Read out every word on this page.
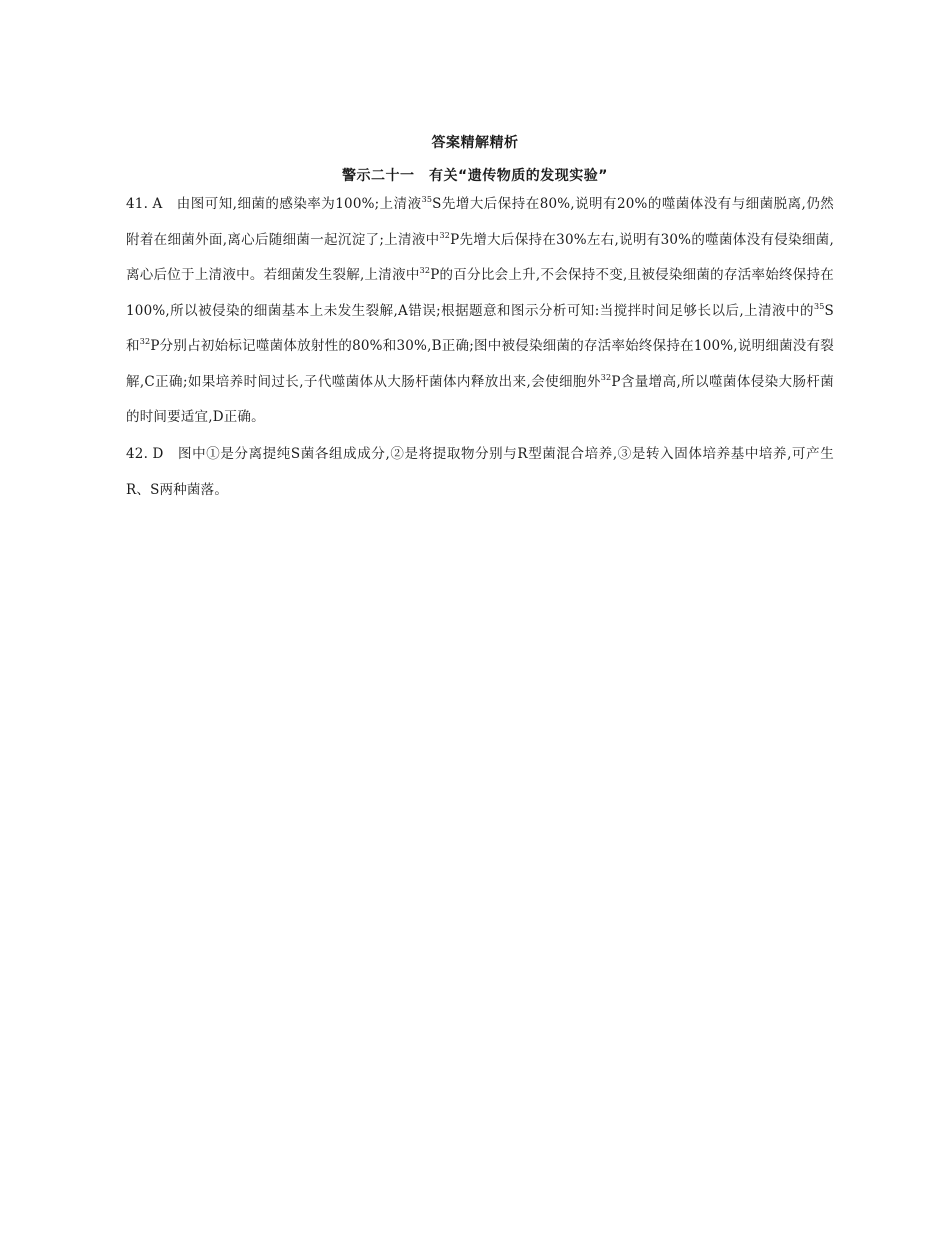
答案精解精析
警示二十一　有关“遗传物质的发现实验”
41. A 由图可知,细菌的感染率为100%;上清液$^{35}$S先增大后保持在80%,说明有20%的噬菌体没有与细菌脱离,仍然附着在细菌外面,离心后随细菌一起沉淀了;上清液中$^{32}$P先增大后保持在30%左右,说明有30%的噬菌体没有侵染细菌,离心后位于上清液中。若细菌发生裂解,上清液中$^{32}$P的百分比会上升,不会保持不变,且被侵染细菌的存活率始终保持在100%,所以被侵染的细菌基本上未发生裂解,A错误;根据题意和图示分析可知:当搅拌时间足够长以后,上清液中的$^{35}$S和$^{32}$P分别占初始标记噬菌体放射性的80%和30%,B正确;图中被侵染细菌的存活率始终保持在100%,说明细菌没有裂解,C正确;如果培养时间过长,子代噬菌体从大肠杆菌体内释放出来,会使细胞外$^{32}$P含量增高,所以噬菌体侵染大肠杆菌的时间要适宜,D正确。
42. D 图中①是分离提纯S菌各组成成分,②是将提取物分别与R型菌混合培养,③是转入固体培养基中培养,可产生R、S两种菌落。
